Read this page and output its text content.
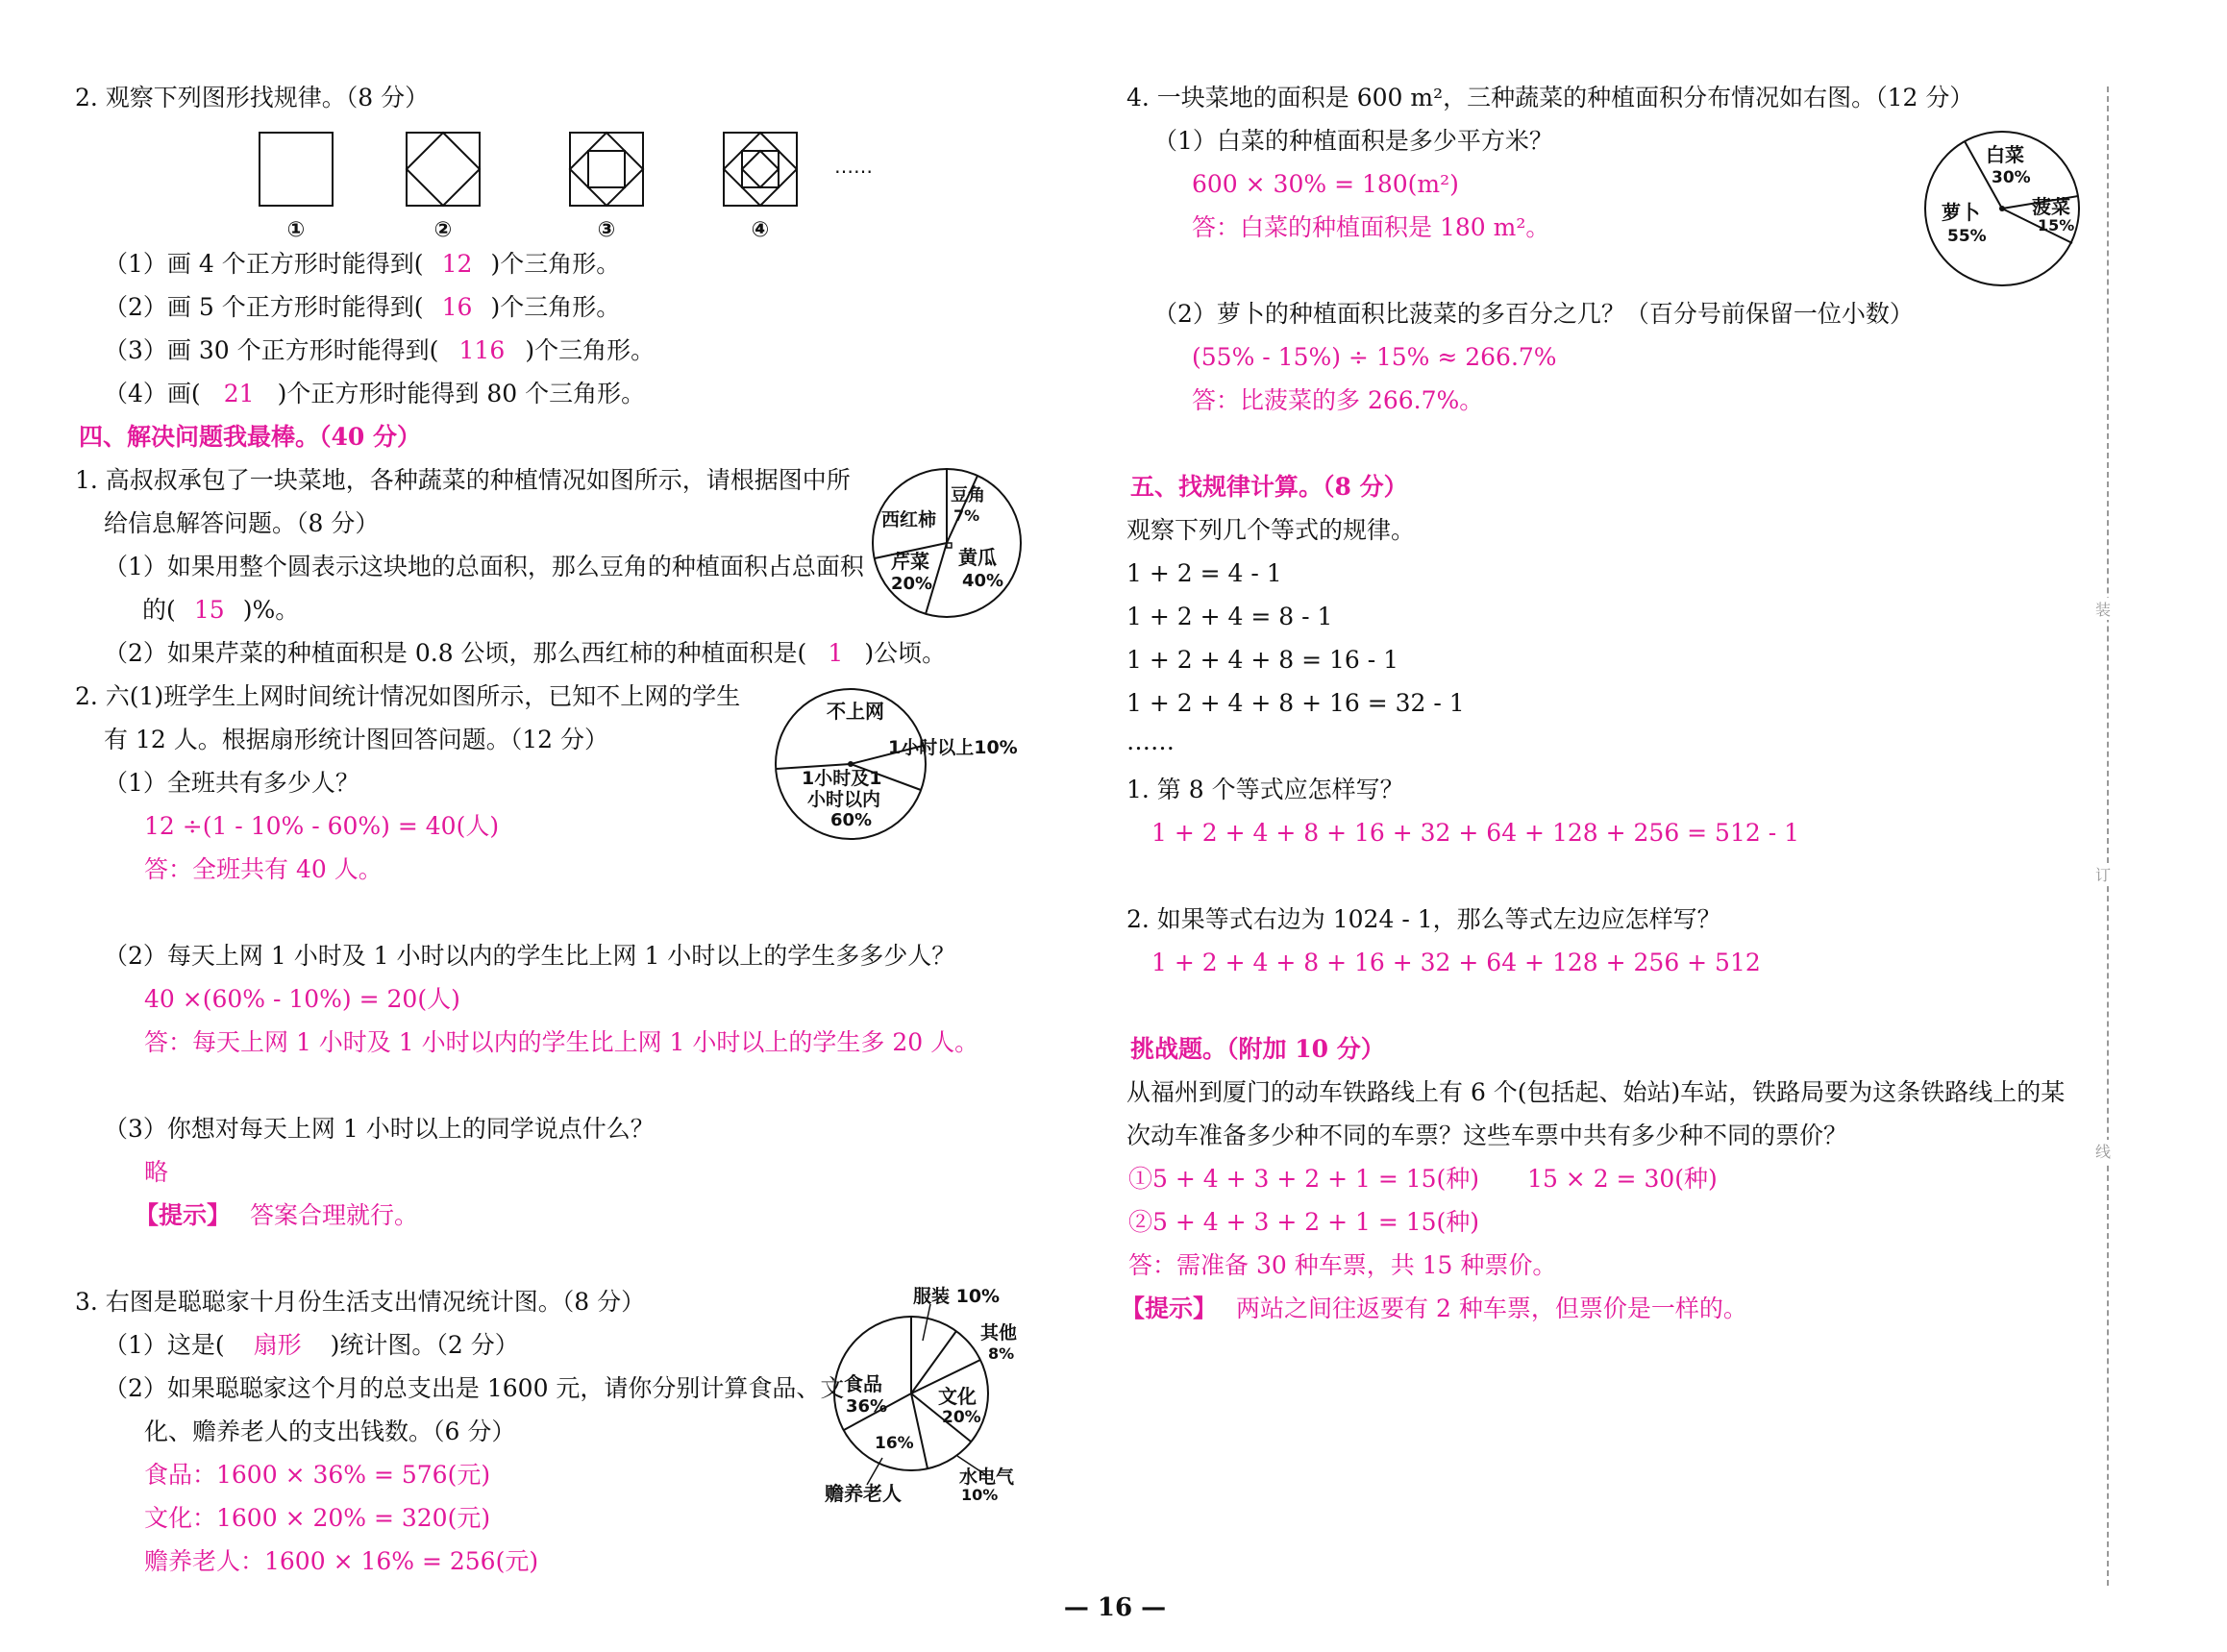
2. 观察下列图形找规律。（8 分）
①	②	③	④
……
（1）画 4 个正方形时能得到( 12 )个三角形。
（2）画 5 个正方形时能得到( 16 )个三角形。
（3）画 30 个正方形时能得到( 116 )个三角形。
（4）画( 21 )个正方形时能得到 80 个三角形。
四、解决问题我最棒。（40 分）
1. 高叔叔承包了一块菜地，各种蔬菜的种植情况如图所示，请根据图中所
给信息解答问题。（8 分）
（1）如果用整个圆表示这块地的总面积，那么豆角的种植面积占总面积
的( 15 )%。
（2）如果芹菜的种植面积是 0.8 公顷，那么西红柿的种植面积是( 1 )公顷。
西红柿
豆角
7%
芹菜
20%
黄瓜
40%
2. 六(1)班学生上网时间统计情况如图所示，已知不上网的学生
有 12 人。根据扇形统计图回答问题。（12 分）
（1）全班共有多少人？
12 ÷(1 - 10% - 60%) = 40(人)
答：全班共有 40 人。
（2）每天上网 1 小时及 1 小时以内的学生比上网 1 小时以上的学生多多少人？
40 ×(60% - 10%) = 20(人)
答：每天上网 1 小时及 1 小时以内的学生比上网 1 小时以上的学生多 20 人。
（3）你想对每天上网 1 小时以上的同学说点什么？
略
【提示】 答案合理就行。
不上网
1小时以上10%
1小时及1
小时以内
60%
3. 右图是聪聪家十月份生活支出情况统计图。（8 分）
（1）这是( 扇形 )统计图。（2 分）
（2）如果聪聪家这个月的总支出是 1600 元，请你分别计算食品、文
化、赡养老人的支出钱数。（6 分）
食品：1600 × 36% = 576(元)
文化：1600 × 20% = 320(元)
赡养老人：1600 × 16% = 256(元)
服装 10%
其他
8%
食品
36%	文化
20%
16%
水电气
10%
赡养老人
4. 一块菜地的面积是 600 m²，三种蔬菜的种植面积分布情况如右图。（12 分）
（1）白菜的种植面积是多少平方米？
600 × 30% = 180(m²)
答：白菜的种植面积是 180 m²。
（2）萝卜的种植面积比菠菜的多百分之几？（百分号前保留一位小数）
(55% - 15%) ÷ 15% ≈ 266.7%
答：比菠菜的多 266.7%。
白菜
30%
菠菜
15%
萝卜
55%
五、找规律计算。（8 分）
观察下列几个等式的规律。
1 + 2 = 4 - 1
1 + 2 + 4 = 8 - 1
1 + 2 + 4 + 8 = 16 - 1
1 + 2 + 4 + 8 + 16 = 32 - 1
……
1. 第 8 个等式应怎样写？
1 + 2 + 4 + 8 + 16 + 32 + 64 + 128 + 256 = 512 - 1
2. 如果等式右边为 1024 - 1，那么等式左边应怎样写？
1 + 2 + 4 + 8 + 16 + 32 + 64 + 128 + 256 + 512
挑战题。（附加 10 分）
从福州到厦门的动车铁路线上有 6 个(包括起、始站)车站，铁路局要为这条铁路线上的某
次动车准备多少种不同的车票？这些车票中共有多少种不同的票价？
①5 + 4 + 3 + 2 + 1 = 15(种)　　15 × 2 = 30(种)
②5 + 4 + 3 + 2 + 1 = 15(种)
答：需准备 30 种车票，共 15 种票价。
【提示】 两站之间往返要有 2 种车票，但票价是一样的。
装
订
线
— 16 —
